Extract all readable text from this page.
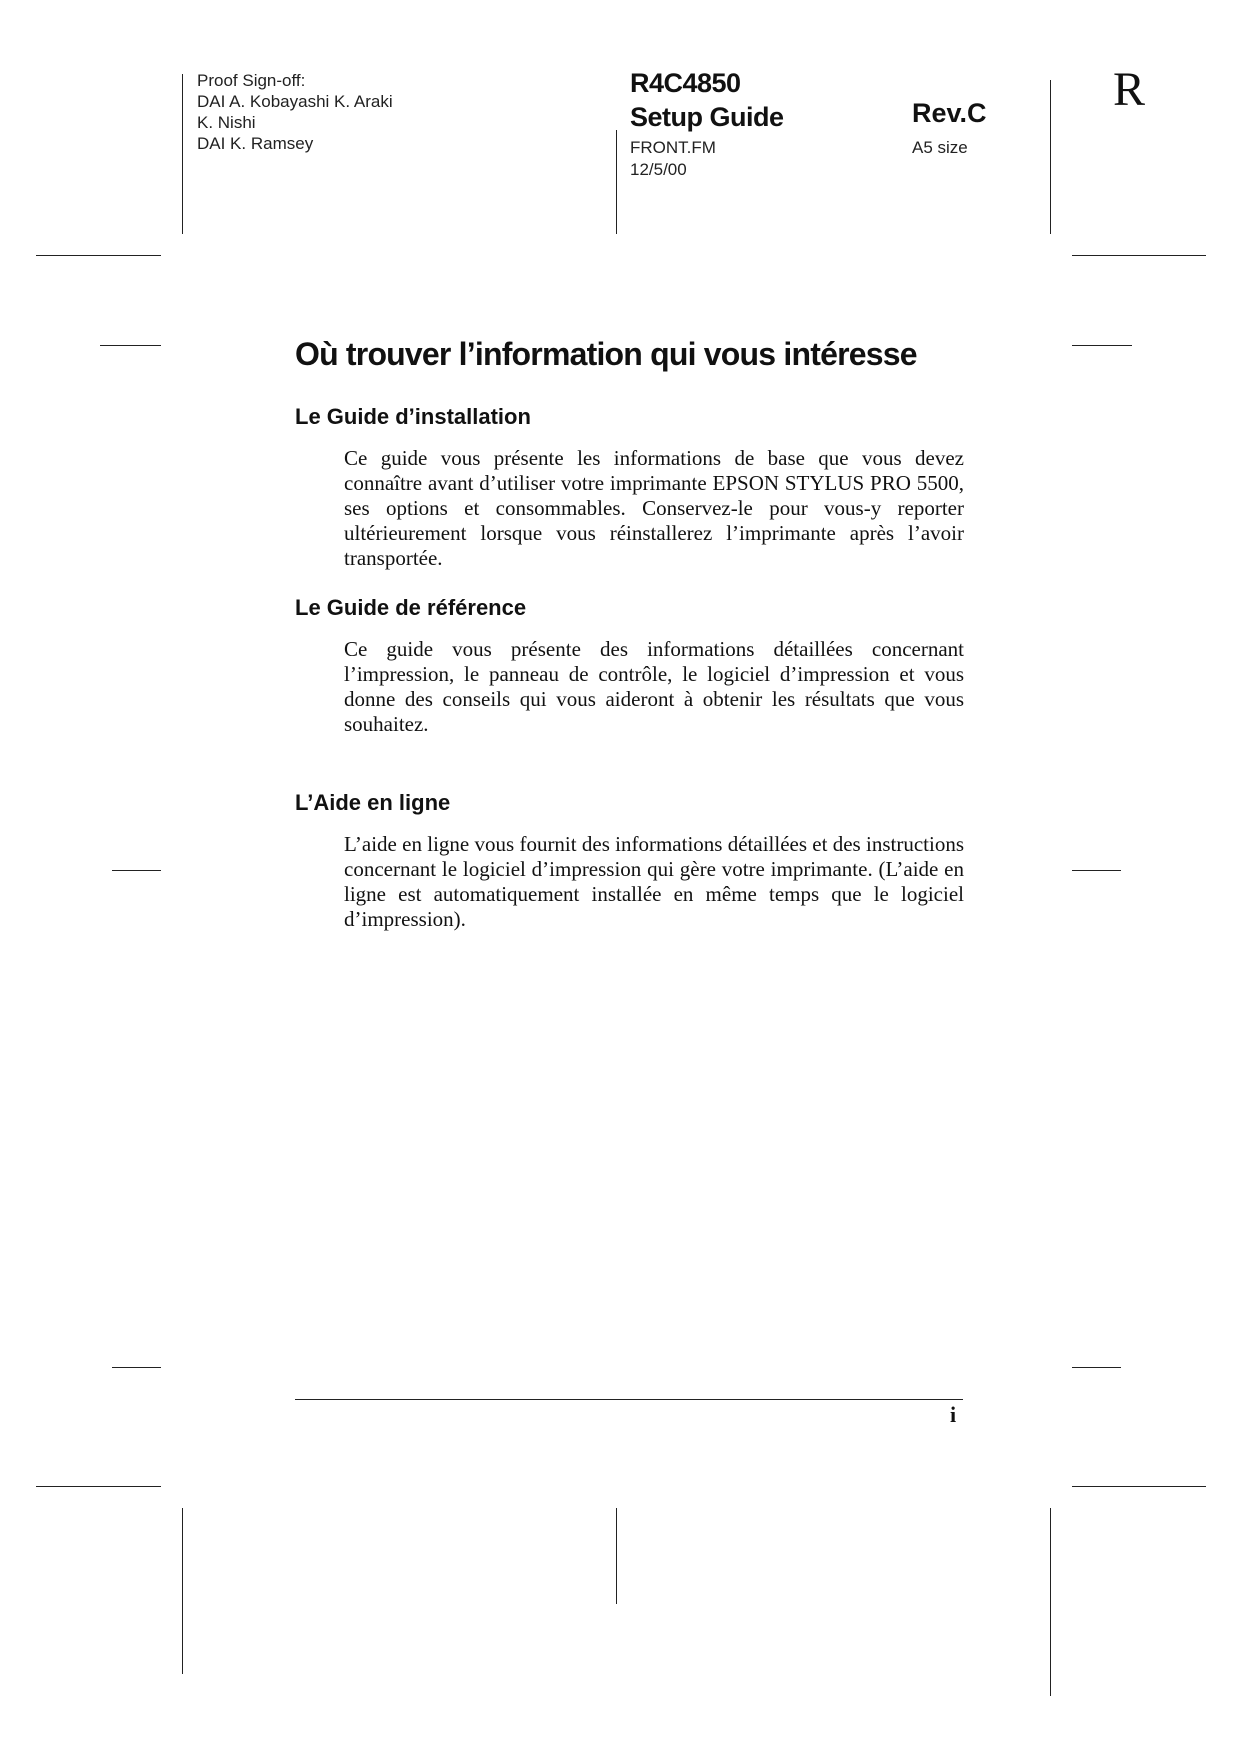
Proof Sign-off:
DAI A. Kobayashi K. Araki
K. Nishi
DAI K. Ramsey
R4C4850
Setup Guide
FRONT.FM
12/5/00
Rev.C
A5 size
R
Où trouver l’information qui vous intéresse
Le Guide d’installation
Ce guide vous présente les informations de base que vous devez connaître avant d’utiliser votre imprimante EPSON STYLUS PRO 5500, ses options et consommables. Conservez-le pour vous-y reporter ultérieurement lorsque vous réinstallerez l’imprimante après l’avoir transportée.
Le Guide de référence
Ce guide vous présente des informations détaillées concernant l’impression, le panneau de contrôle, le logiciel d’impression et vous donne des conseils qui vous aideront à obtenir les résultats que vous souhaitez.
L’Aide en ligne
L’aide en ligne vous fournit des informations détaillées et des instructions concernant le logiciel d’impression qui gère votre imprimante. (L’aide en ligne est automatiquement installée en même temps que le logiciel d’impression).
i
